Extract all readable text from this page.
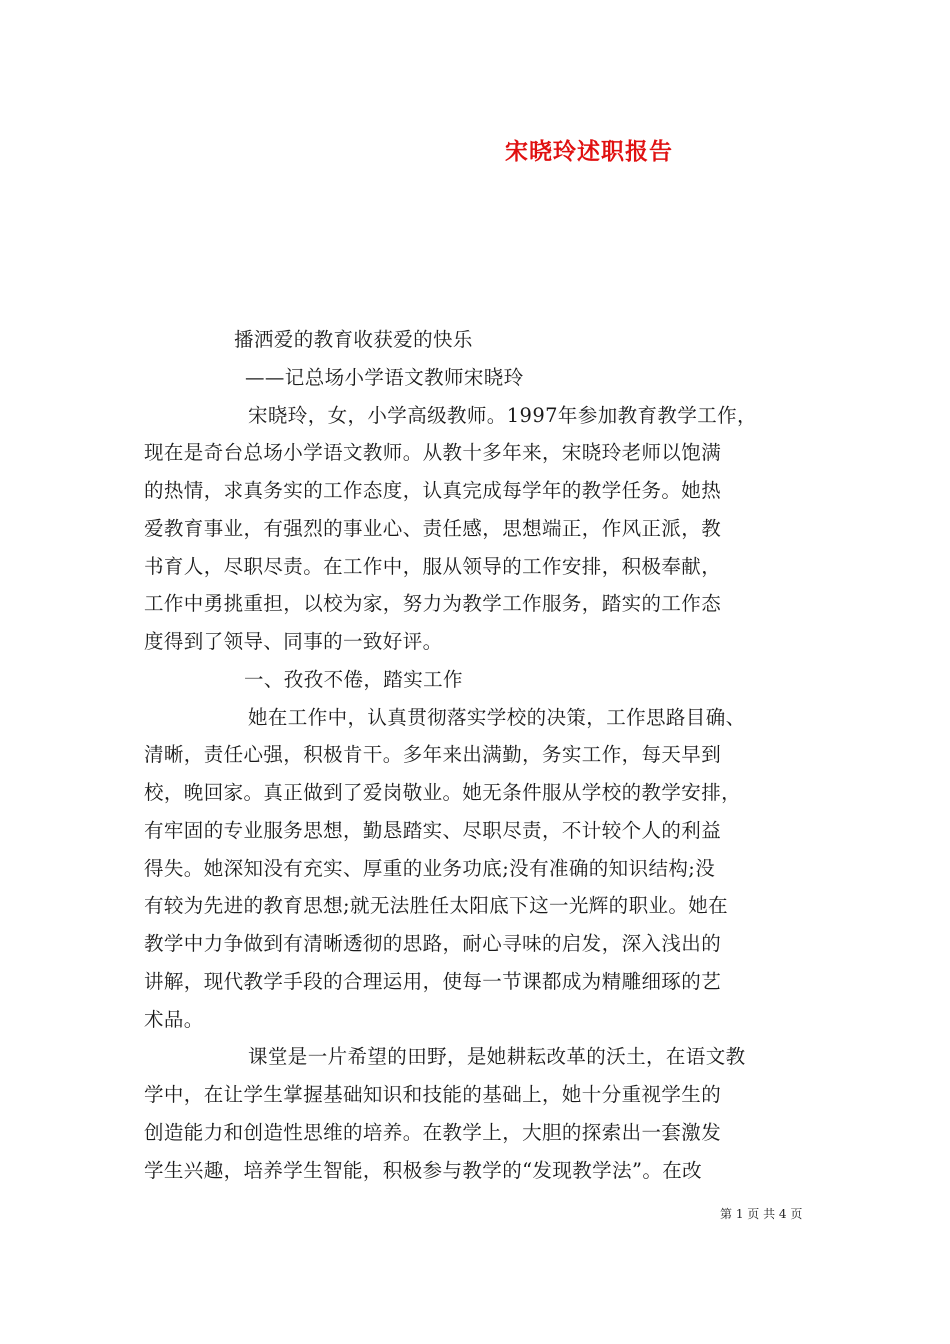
宋晓玲述职报告
播洒爱的教育收获爱的快乐
——记总场小学语文教师宋晓玲
宋晓玲，女，小学高级教师。1997年参加教育教学工作，
现在是奇台总场小学语文教师。从教十多年来，宋晓玲老师以饱满
的热情，求真务实的工作态度，认真完成每学年的教学任务。她热
爱教育事业，有强烈的事业心、责任感，思想端正，作风正派，教
书育人，尽职尽责。在工作中，服从领导的工作安排，积极奉献，
工作中勇挑重担，以校为家，努力为教学工作服务，踏实的工作态
度得到了领导、同事的一致好评。
一、孜孜不倦，踏实工作
她在工作中，认真贯彻落实学校的决策，工作思路目确、
清晰，责任心强，积极肯干。多年来出满勤，务实工作，每天早到
校，晚回家。真正做到了爱岗敬业。她无条件服从学校的教学安排，
有牢固的专业服务思想，勤恳踏实、尽职尽责，不计较个人的利益
得失。她深知没有充实、厚重的业务功底;没有准确的知识结构;没
有较为先进的教育思想;就无法胜任太阳底下这一光辉的职业。她在
教学中力争做到有清晰透彻的思路，耐心寻味的启发，深入浅出的
讲解，现代教学手段的合理运用，使每一节课都成为精雕细琢的艺
术品。
课堂是一片希望的田野，是她耕耘改革的沃土，在语文教
学中，在让学生掌握基础知识和技能的基础上，她十分重视学生的
创造能力和创造性思维的培养。在教学上，大胆的探索出一套激发
学生兴趣，培养学生智能，积极参与教学的“发现教学法”。在改
第 1 页 共 4 页
